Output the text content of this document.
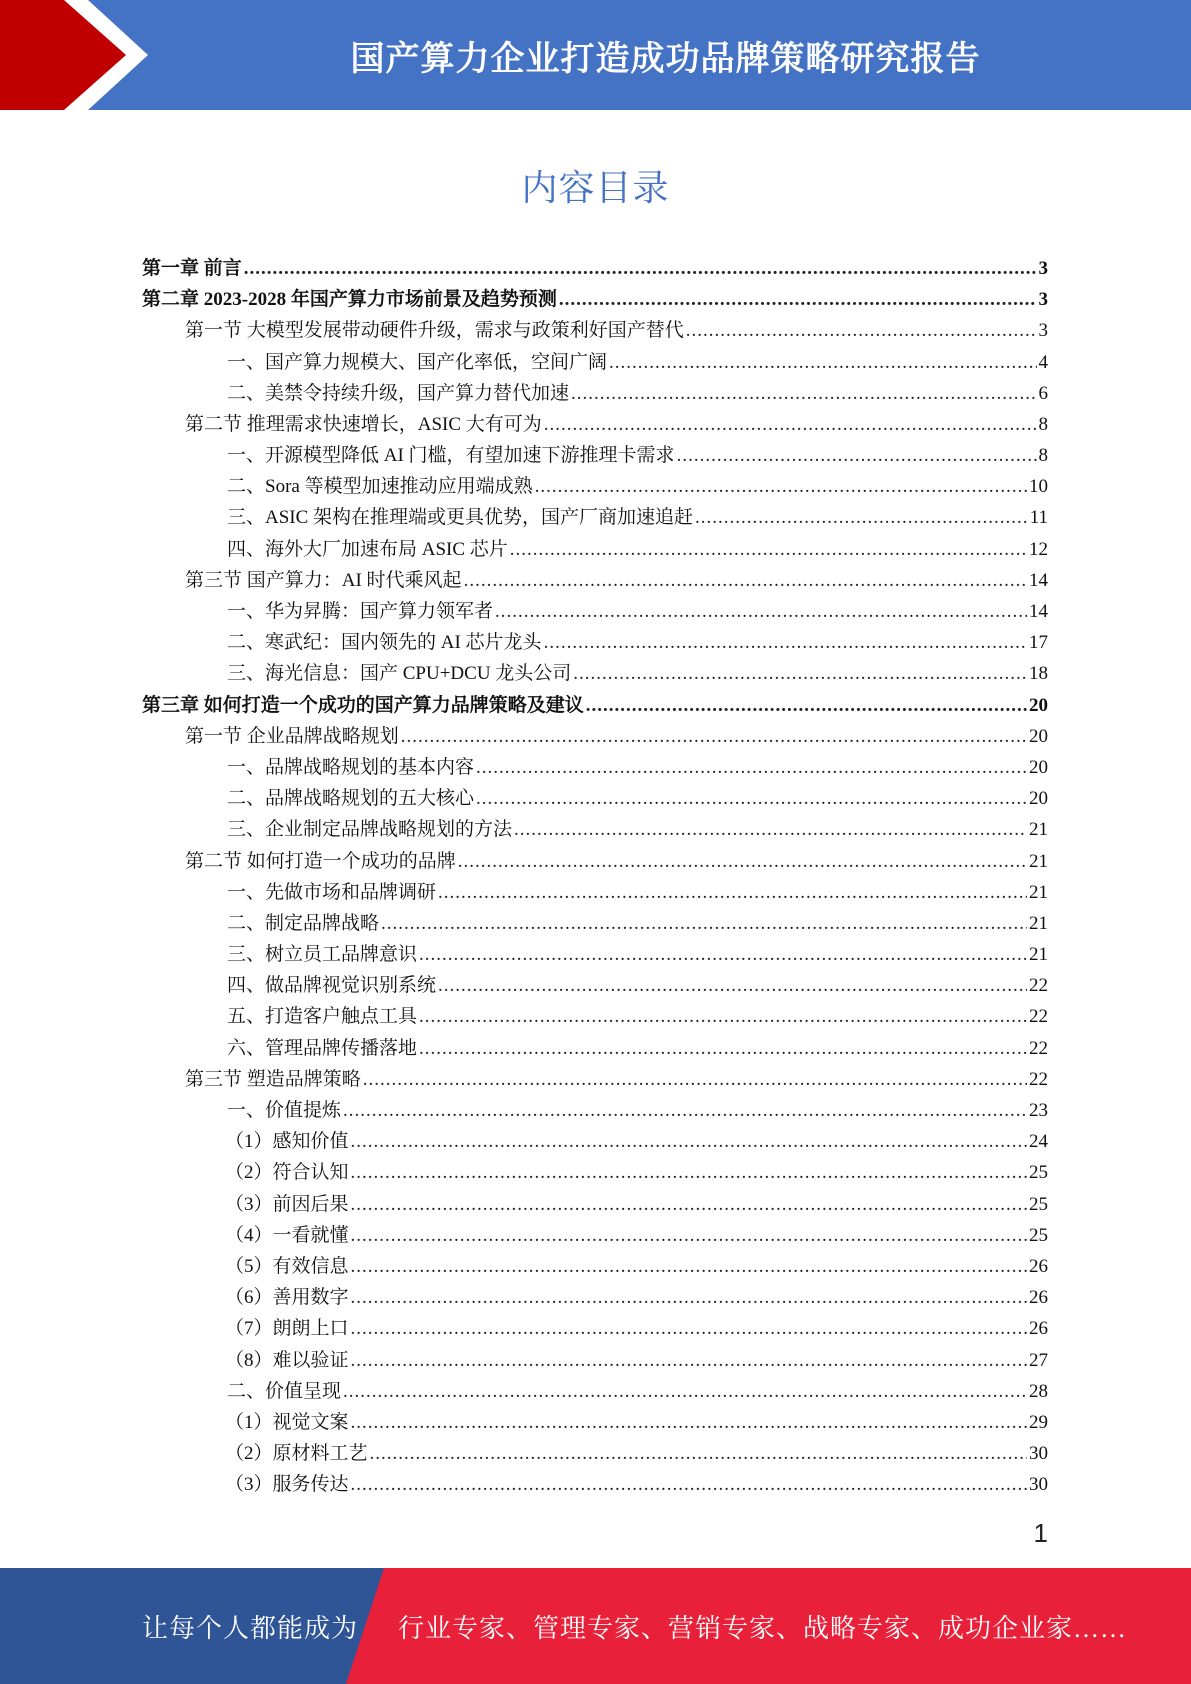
国产算力企业打造成功品牌策略研究报告
内容目录
第一章 前言 .....	3
第二章 2023-2028 年国产算力市场前景及趋势预测 .....	3
第一节 大模型发展带动硬件升级，需求与政策利好国产替代 .....	3
一、国产算力规模大、国产化率低，空间广阔 .....	4
二、美禁令持续升级，国产算力替代加速 .....	6
第二节 推理需求快速增长，ASIC 大有可为 .....	8
一、开源模型降低 AI 门槛，有望加速下游推理卡需求 .....	8
二、Sora 等模型加速推动应用端成熟 .....	10
三、ASIC 架构在推理端或更具优势，国产厂商加速追赶 .....	11
四、海外大厂加速布局 ASIC 芯片 .....	12
第三节 国产算力：AI 时代乘风起 .....	14
一、华为昇腾：国产算力领军者 .....	14
二、寒武纪：国内领先的 AI 芯片龙头 .....	17
三、海光信息：国产 CPU+DCU 龙头公司 .....	18
第三章 如何打造一个成功的国产算力品牌策略及建议 .....	20
第一节 企业品牌战略规划 .....	20
一、品牌战略规划的基本内容 .....	20
二、品牌战略规划的五大核心 .....	20
三、企业制定品牌战略规划的方法 .....	21
第二节 如何打造一个成功的品牌 .....	21
一、先做市场和品牌调研 .....	21
二、制定品牌战略 .....	21
三、树立员工品牌意识 .....	21
四、做品牌视觉识别系统 .....	22
五、打造客户触点工具 .....	22
六、管理品牌传播落地 .....	22
第三节 塑造品牌策略 .....	22
一、价值提炼 .....	23
（1）感知价值 .....	24
（2）符合认知 .....	25
（3）前因后果 .....	25
（4）一看就懂 .....	25
（5）有效信息 .....	26
（6）善用数字 .....	26
（7）朗朗上口 .....	26
（8）难以验证 .....	27
二、价值呈现 .....	28
（1）视觉文案 .....	29
（2）原材料工艺 .....	30
（3）服务传达 .....	30
1
让每个人都能成为 行业专家、管理专家、营销专家、战略专家、成功企业家……
